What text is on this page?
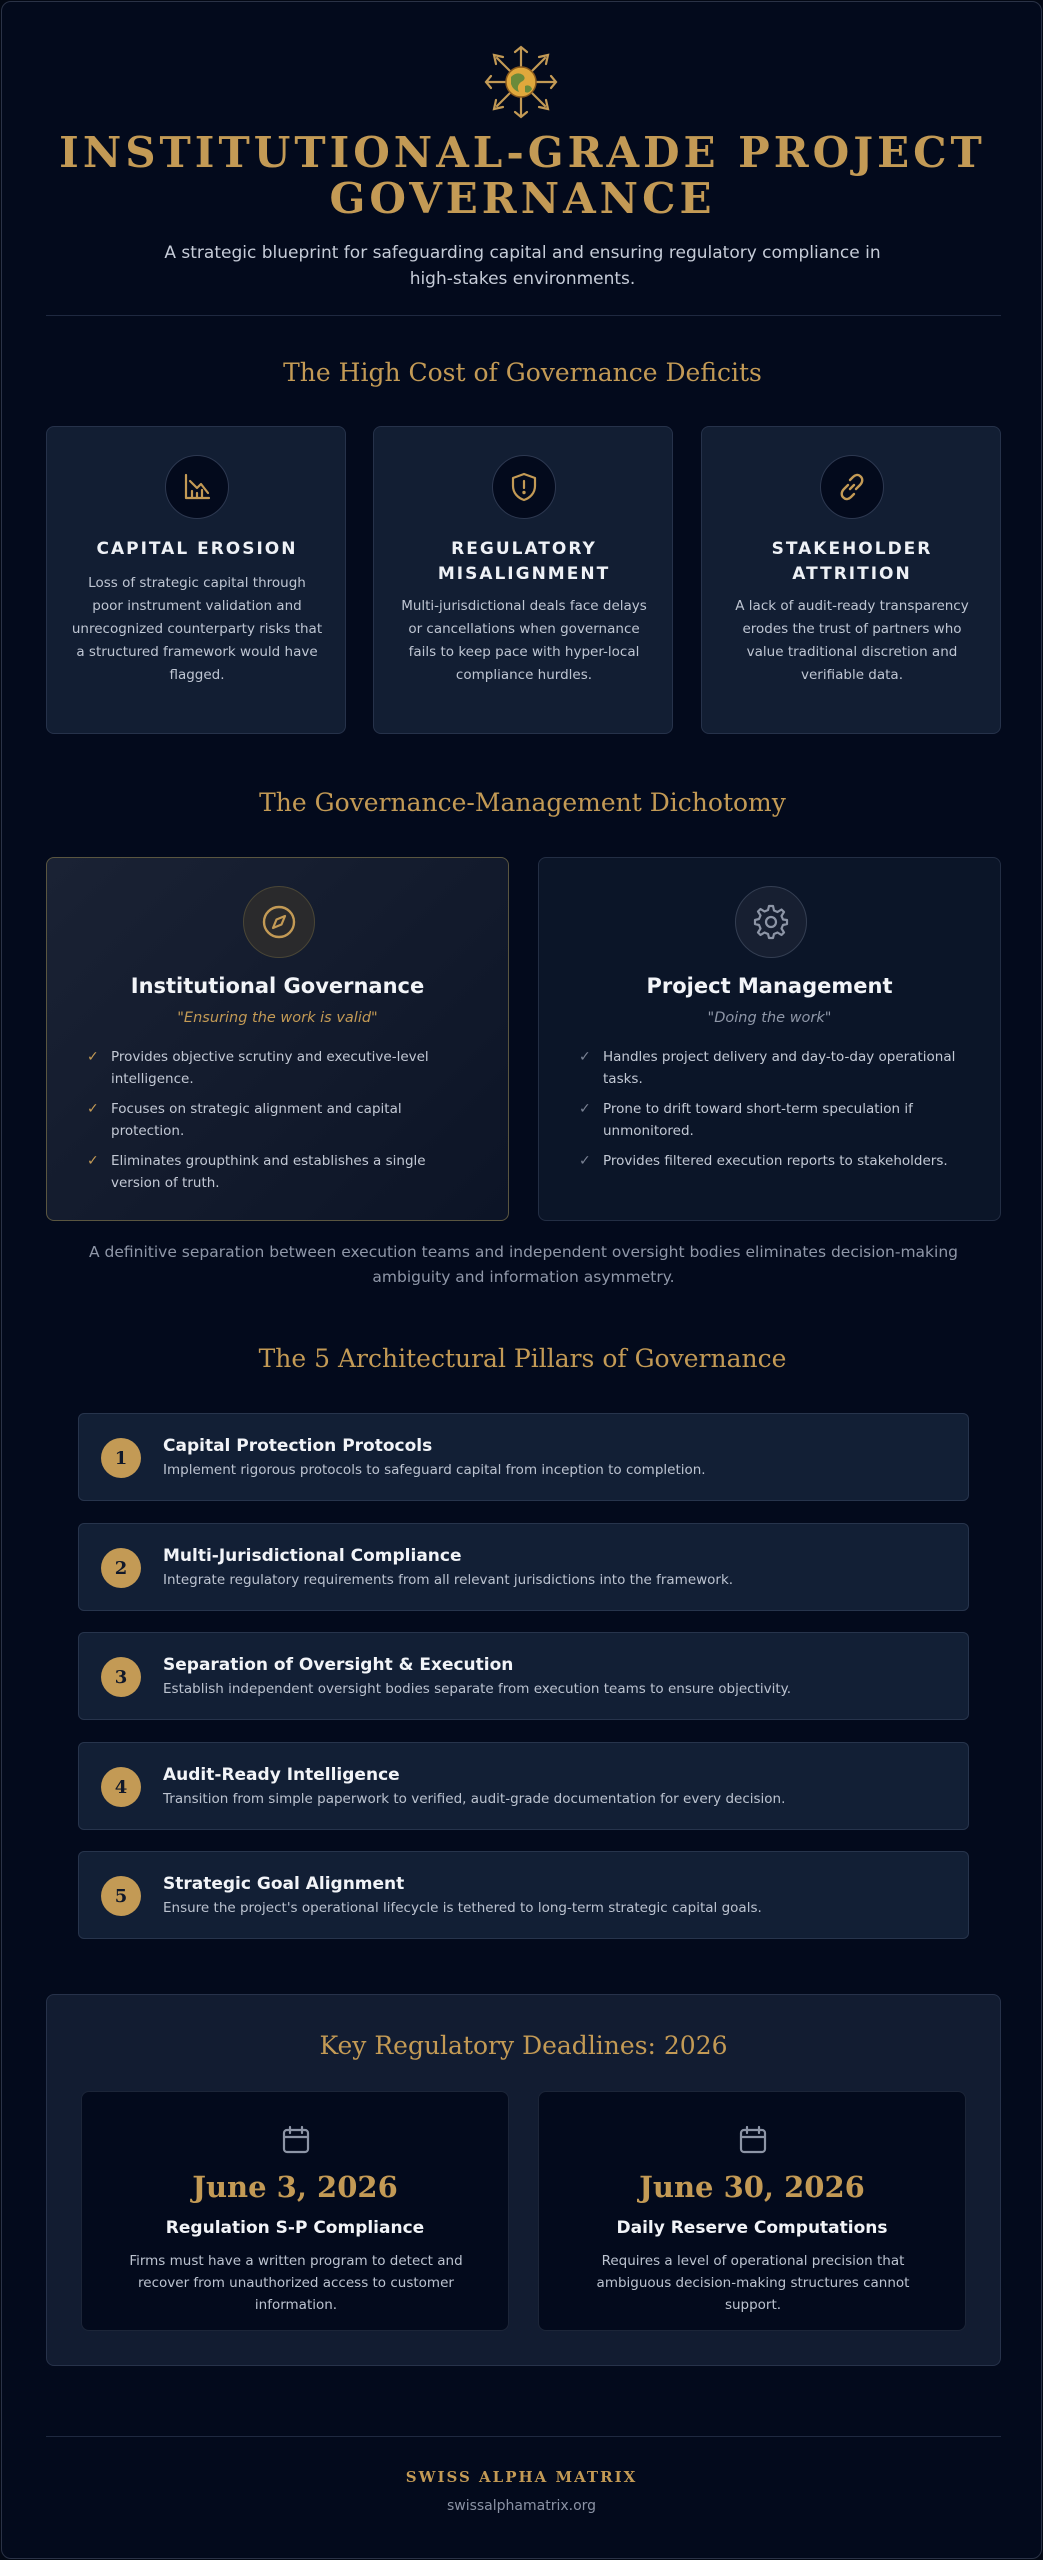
INSTITUTIONAL-GRADE PROJECT GOVERNANCE
A strategic blueprint for safeguarding capital and ensuring regulatory compliance in high-stakes environments.
The High Cost of Governance Deficits
CAPITAL EROSION
Loss of strategic capital through poor instrument validation and unrecognized counterparty risks that a structured framework would have flagged.
REGULATORY MISALIGNMENT
Multi-jurisdictional deals face delays or cancellations when governance fails to keep pace with hyper-local compliance hurdles.
STAKEHOLDER ATTRITION
A lack of audit-ready transparency erodes the trust of partners who value traditional discretion and verifiable data.
The Governance-Management Dichotomy
Institutional Governance
"Ensuring the work is valid"
✓ Provides objective scrutiny and executive-level intelligence.
✓ Focuses on strategic alignment and capital protection.
✓ Eliminates groupthink and establishes a single version of truth.
Project Management
"Doing the work"
✓ Handles project delivery and day-to-day operational tasks.
✓ Prone to drift toward short-term speculation if unmonitored.
✓ Provides filtered execution reports to stakeholders.
A definitive separation between execution teams and independent oversight bodies eliminates decision-making ambiguity and information asymmetry.
The 5 Architectural Pillars of Governance
1
Capital Protection Protocols
Implement rigorous protocols to safeguard capital from inception to completion.
2
Multi-Jurisdictional Compliance
Integrate regulatory requirements from all relevant jurisdictions into the framework.
3
Separation of Oversight & Execution
Establish independent oversight bodies separate from execution teams to ensure objectivity.
4
Audit-Ready Intelligence
Transition from simple paperwork to verified, audit-grade documentation for every decision.
5
Strategic Goal Alignment
Ensure the project's operational lifecycle is tethered to long-term strategic capital goals.
Key Regulatory Deadlines: 2026
June 3, 2026
Regulation S-P Compliance
Firms must have a written program to detect and recover from unauthorized access to customer information.
June 30, 2026
Daily Reserve Computations
Requires a level of operational precision that ambiguous decision-making structures cannot support.
SWISS ALPHA MATRIX
swissalphamatrix.org
